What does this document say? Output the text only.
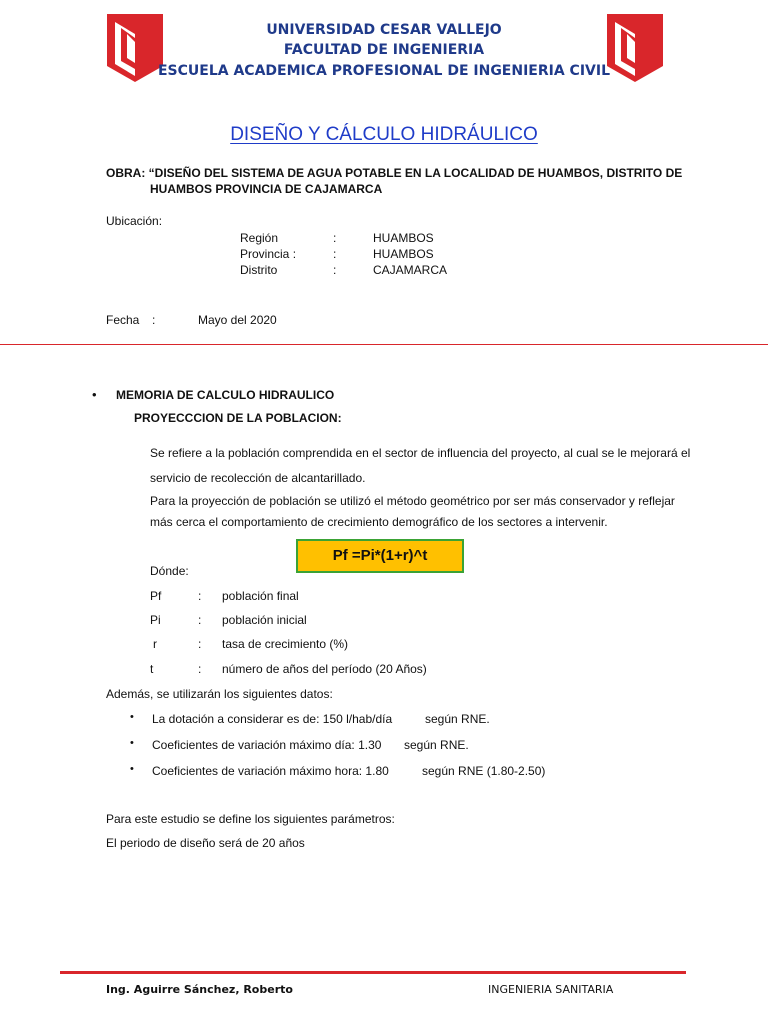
UNIVERSIDAD CESAR VALLEJO
FACULTAD DE INGENIERIA
ESCUELA ACADEMICA PROFESIONAL DE INGENIERIA CIVIL
DISEÑO Y CÁLCULO HIDRÁULICO
OBRA: “DISEÑO DEL SISTEMA DE AGUA POTABLE EN LA LOCALIDAD DE HUAMBOS, DISTRITO DE
HUAMBOS PROVINCIA DE CAJAMARCA
Ubicación:
Región	:	HUAMBOS
Provincia :	:	HUAMBOS
Distrito	:	CAJAMARCA
Fecha :	Mayo del 2020
• MEMORIA DE CALCULO HIDRAULICO
PROYECCCION DE LA POBLACION:
Se refiere a la población comprendida en el sector de influencia del proyecto, al cual se le mejorará el
servicio de recolección de alcantarillado.
Para la proyección de población se utilizó el método geométrico por ser más conservador y reflejar
más cerca el comportamiento de crecimiento demográfico de los sectores a intervenir.
Pf =Pi*(1+r)^t
Dónde:
Pf	: población final
Pi	: población inicial
r	: tasa de crecimiento (%)
t	: número de años del período (20 Años)
Además, se utilizarán los siguientes datos:
• La dotación a considerar es de: 150 l/hab/día	según RNE.
• Coeficientes de variación máximo día: 1.30 según RNE.
• Coeficientes de variación máximo hora: 1.80	según RNE (1.80-2.50)
Para este estudio se define los siguientes parámetros:
El periodo de diseño será de 20 años
Ing. Aguirre Sánchez, Roberto	INGENIERIA SANITARIA
